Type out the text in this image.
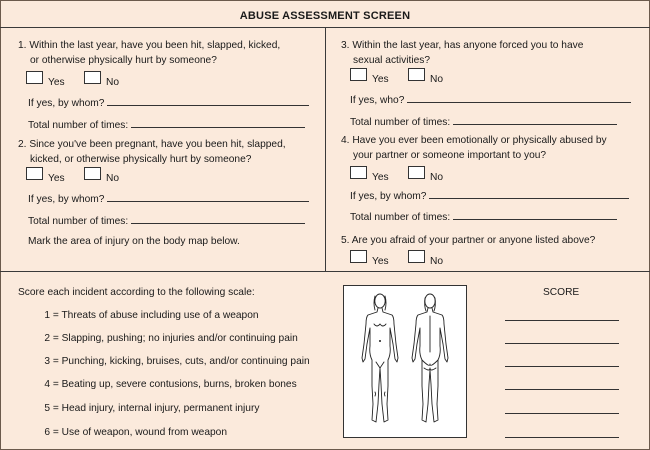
ABUSE ASSESSMENT SCREEN
1. Within the last year, have you been hit, slapped, kicked,
or otherwise physically hurt by someone?
Yes	No
If yes, by whom?
Total number of times:
2. Since you've been pregnant, have you been hit, slapped,
kicked, or otherwise physically hurt by someone?
Yes	No
If yes, by whom?
Total number of times:
Mark the area of injury on the body map below.
3. Within the last year, has anyone forced you to have
sexual activities?
Yes	No
If yes, who?
Total number of times:
4. Have you ever been emotionally or physically abused by
your partner or someone important to you?
Yes	No
If yes, by whom?
Total number of times:
5. Are you afraid of your partner or anyone listed above?
Yes	No
Score each incident according to the following scale:
1 = Threats of abuse including use of a weapon
2 = Slapping, pushing; no injuries and/or continuing pain
3 = Punching, kicking, bruises, cuts, and/or continuing pain
4 = Beating up, severe contusions, burns, broken bones
5 = Head injury, internal injury, permanent injury
6 = Use of weapon, wound from weapon
SCORE
